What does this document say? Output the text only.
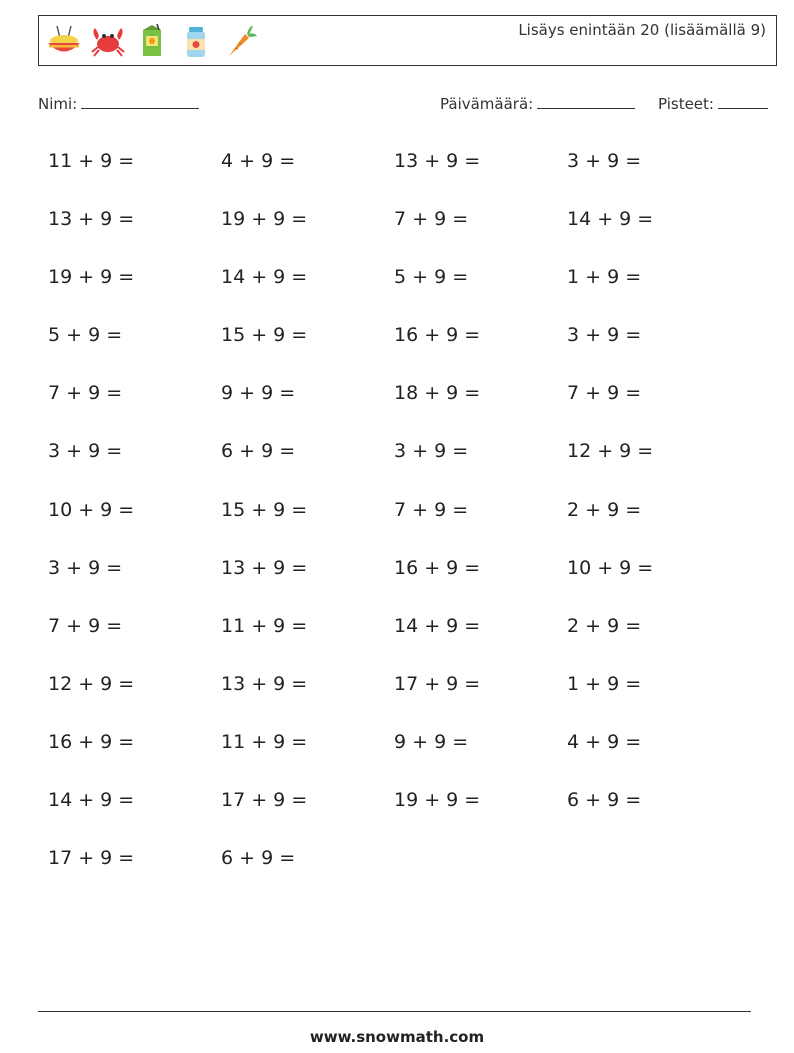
Lisäys enintään 20 (lisäämällä 9)
Nimi:	Päivämäärä:	Pisteet:
11 + 9 =	4 + 9 =	13 + 9 =	3 + 9 =
13 + 9 =	19 + 9 =	7 + 9 =	14 + 9 =
19 + 9 =	14 + 9 =	5 + 9 =	1 + 9 =
5 + 9 =	15 + 9 =	16 + 9 =	3 + 9 =
7 + 9 =	9 + 9 =	18 + 9 =	7 + 9 =
3 + 9 =	6 + 9 =	3 + 9 =	12 + 9 =
10 + 9 =	15 + 9 =	7 + 9 =	2 + 9 =
3 + 9 =	13 + 9 =	16 + 9 =	10 + 9 =
7 + 9 =	11 + 9 =	14 + 9 =	2 + 9 =
12 + 9 =	13 + 9 =	17 + 9 =	1 + 9 =
16 + 9 =	11 + 9 =	9 + 9 =	4 + 9 =
14 + 9 =	17 + 9 =	19 + 9 =	6 + 9 =
17 + 9 =	6 + 9 =
www.snowmath.com
